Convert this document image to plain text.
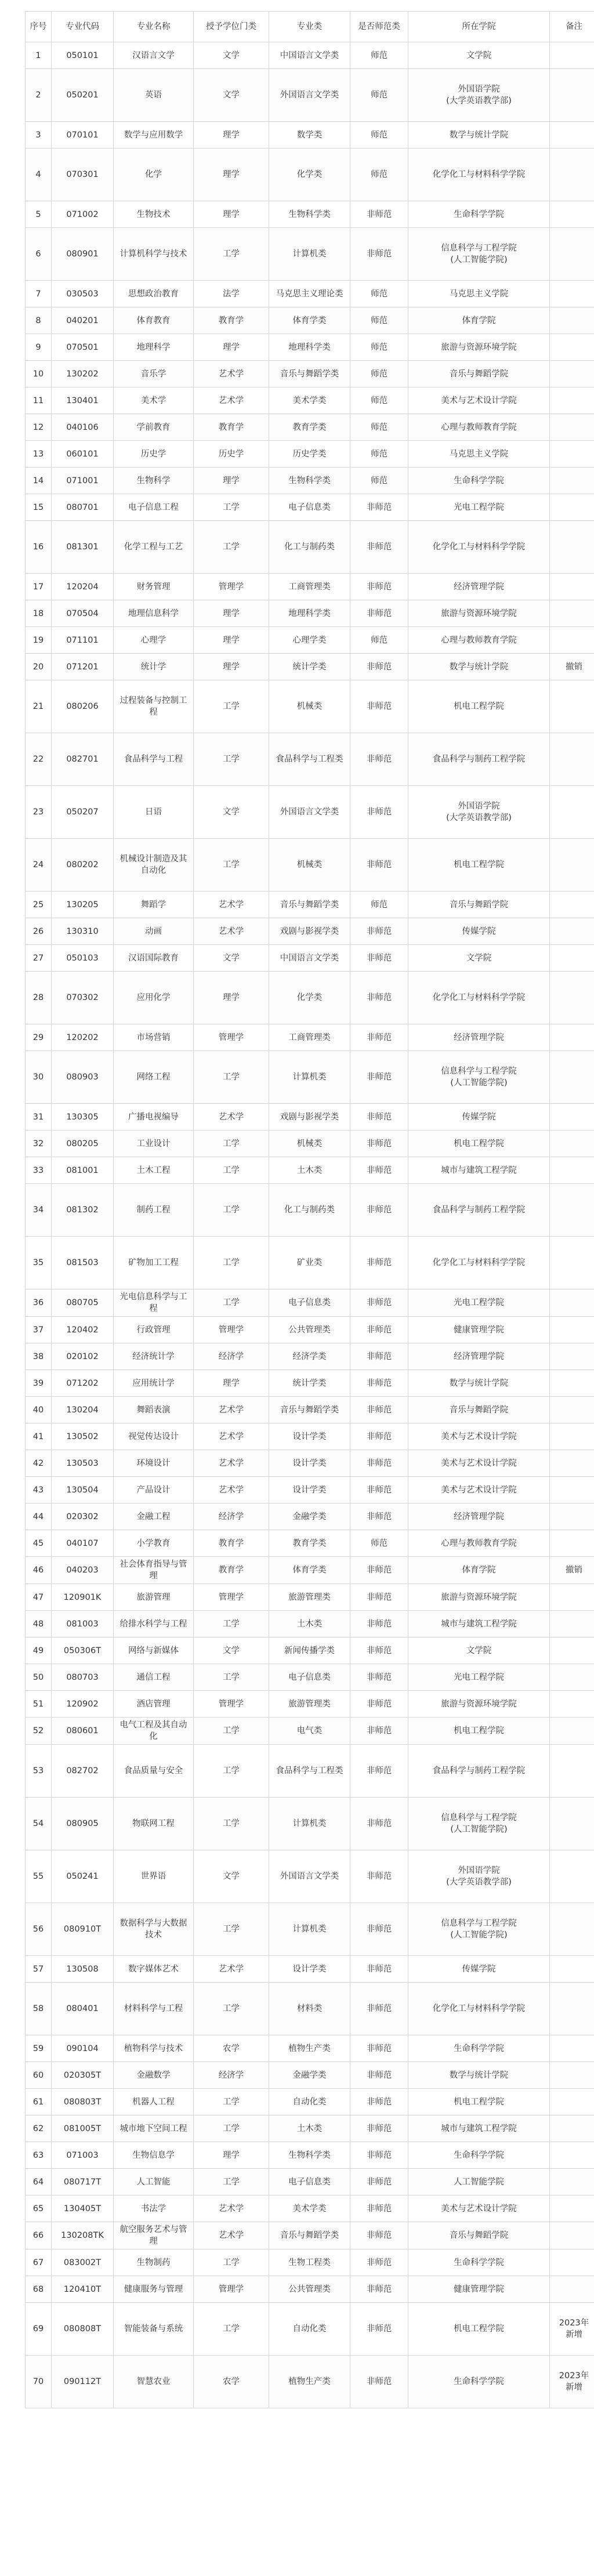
序号	专业代码	专业名称	授予学位门类	专业类	是否师范类	所在学院	备注
1	050101	汉语言文学	文学	中国语言文学类	师范	文学院	
2	050201	英语	文学	外国语言文学类	师范	外国语学院
(大学英语教学部)	

3	070101	数学与应用数学	理学	数学类	师范	数学与统计学院	
4	070301	化学	理学	化学类	师范	化学化工与材料科学学院	
5	071002	生物技术	理学	生物科学类	非师范	生命科学学院	
6	080901	计算机科学与技术	工学	计算机类	非师范	信息科学与工程学院
(人工智能学院)	

7	030503	思想政治教育	法学	马克思主义理论类	师范	马克思主义学院	
8	040201	体育教育	教育学	体育学类	师范	体育学院	
9	070501	地理科学	理学	地理科学类	师范	旅游与资源环境学院	
10	130202	音乐学	艺术学	音乐与舞蹈学类	师范	音乐与舞蹈学院	
11	130401	美术学	艺术学	美术学类	师范	美术与艺术设计学院	
12	040106	学前教育	教育学	教育学类	师范	心理与教师教育学院	
13	060101	历史学	历史学	历史学类	师范	马克思主义学院	
14	071001	生物科学	理学	生物科学类	师范	生命科学学院	
15	080701	电子信息工程	工学	电子信息类	非师范	光电工程学院	
16	081301	化学工程与工艺	工学	化工与制药类	非师范	化学化工与材料科学学院	
17	120204	财务管理	管理学	工商管理类	非师范	经济管理学院	
18	070504	地理信息科学	理学	地理科学类	非师范	旅游与资源环境学院	
19	071101	心理学	理学	心理学类	师范	心理与教师教育学院	
20	071201	统计学	理学	统计学类	非师范	数学与统计学院	撤销
21	080206	过程装备与控制工程	工学	机械类	非师范	机电工程学院	
22	082701	食品科学与工程	工学	食品科学与工程类	非师范	食品科学与制药工程学院	
23	050207	日语	文学	外国语言文学类	非师范	外国语学院
(大学英语教学部)	

24	080202	机械设计制造及其自动化	工学	机械类	非师范	机电工程学院	
25	130205	舞蹈学	艺术学	音乐与舞蹈学类	师范	音乐与舞蹈学院	
26	130310	动画	艺术学	戏剧与影视学类	非师范	传媒学院	
27	050103	汉语国际教育	文学	中国语言文学类	非师范	文学院	
28	070302	应用化学	理学	化学类	非师范	化学化工与材料科学学院	
29	120202	市场营销	管理学	工商管理类	非师范	经济管理学院	
30	080903	网络工程	工学	计算机类	非师范	信息科学与工程学院
(人工智能学院)	

31	130305	广播电视编导	艺术学	戏剧与影视学类	非师范	传媒学院	
32	080205	工业设计	工学	机械类	非师范	机电工程学院	
33	081001	土木工程	工学	土木类	非师范	城市与建筑工程学院	
34	081302	制药工程	工学	化工与制药类	非师范	食品科学与制药工程学院	
35	081503	矿物加工工程	工学	矿业类	非师范	化学化工与材料科学学院	
36	080705	光电信息科学与工程	工学	电子信息类	非师范	光电工程学院	
37	120402	行政管理	管理学	公共管理类	非师范	健康管理学院	
38	020102	经济统计学	经济学	经济学类	非师范	经济管理学院	
39	071202	应用统计学	理学	统计学类	非师范	数学与统计学院	
40	130204	舞蹈表演	艺术学	音乐与舞蹈学类	非师范	音乐与舞蹈学院	
41	130502	视觉传达设计	艺术学	设计学类	非师范	美术与艺术设计学院	
42	130503	环境设计	艺术学	设计学类	非师范	美术与艺术设计学院	
43	130504	产品设计	艺术学	设计学类	非师范	美术与艺术设计学院	
44	020302	金融工程	经济学	金融学类	非师范	经济管理学院	
45	040107	小学教育	教育学	教育学类	师范	心理与教师教育学院	
46	040203	社会体育指导与管理	教育学	体育学类	非师范	体育学院	撤销
47	120901K	旅游管理	管理学	旅游管理类	非师范	旅游与资源环境学院	
48	081003	给排水科学与工程	工学	土木类	非师范	城市与建筑工程学院	
49	050306T	网络与新媒体	文学	新闻传播学类	非师范	文学院	
50	080703	通信工程	工学	电子信息类	非师范	光电工程学院	
51	120902	酒店管理	管理学	旅游管理类	非师范	旅游与资源环境学院	
52	080601	电气工程及其自动化	工学	电气类	非师范	机电工程学院	
53	082702	食品质量与安全	工学	食品科学与工程类	非师范	食品科学与制药工程学院	
54	080905	物联网工程	工学	计算机类	非师范	信息科学与工程学院
(人工智能学院)	

55	050241	世界语	文学	外国语言文学类	非师范	外国语学院
(大学英语教学部)	

56	080910T	数据科学与大数据技术	工学	计算机类	非师范	信息科学与工程学院
(人工智能学院)	

57	130508	数字媒体艺术	艺术学	设计学类	非师范	传媒学院	
58	080401	材料科学与工程	工学	材料类	非师范	化学化工与材料科学学院	
59	090104	植物科学与技术	农学	植物生产类	非师范	生命科学学院	
60	020305T	金融数学	经济学	金融学类	非师范	数学与统计学院	
61	080803T	机器人工程	工学	自动化类	非师范	机电工程学院	
62	081005T	城市地下空间工程	工学	土木类	非师范	城市与建筑工程学院	
63	071003	生物信息学	理学	生物科学类	非师范	生命科学学院	
64	080717T	人工智能	工学	电子信息类	非师范	人工智能学院	
65	130405T	书法学	艺术学	美术学类	非师范	美术与艺术设计学院	
66	130208TK	航空服务艺术与管理	艺术学	音乐与舞蹈学类	非师范	音乐与舞蹈学院	
67	083002T	生物制药	工学	生物工程类	非师范	生命科学学院	
68	120410T	健康服务与管理	管理学	公共管理类	非师范	健康管理学院	
69	080808T	智能装备与系统	工学	自动化类	非师范	机电工程学院	2023年
新增

70	090112T	智慧农业	农学	植物生产类	非师范	生命科学学院	2023年
新增
